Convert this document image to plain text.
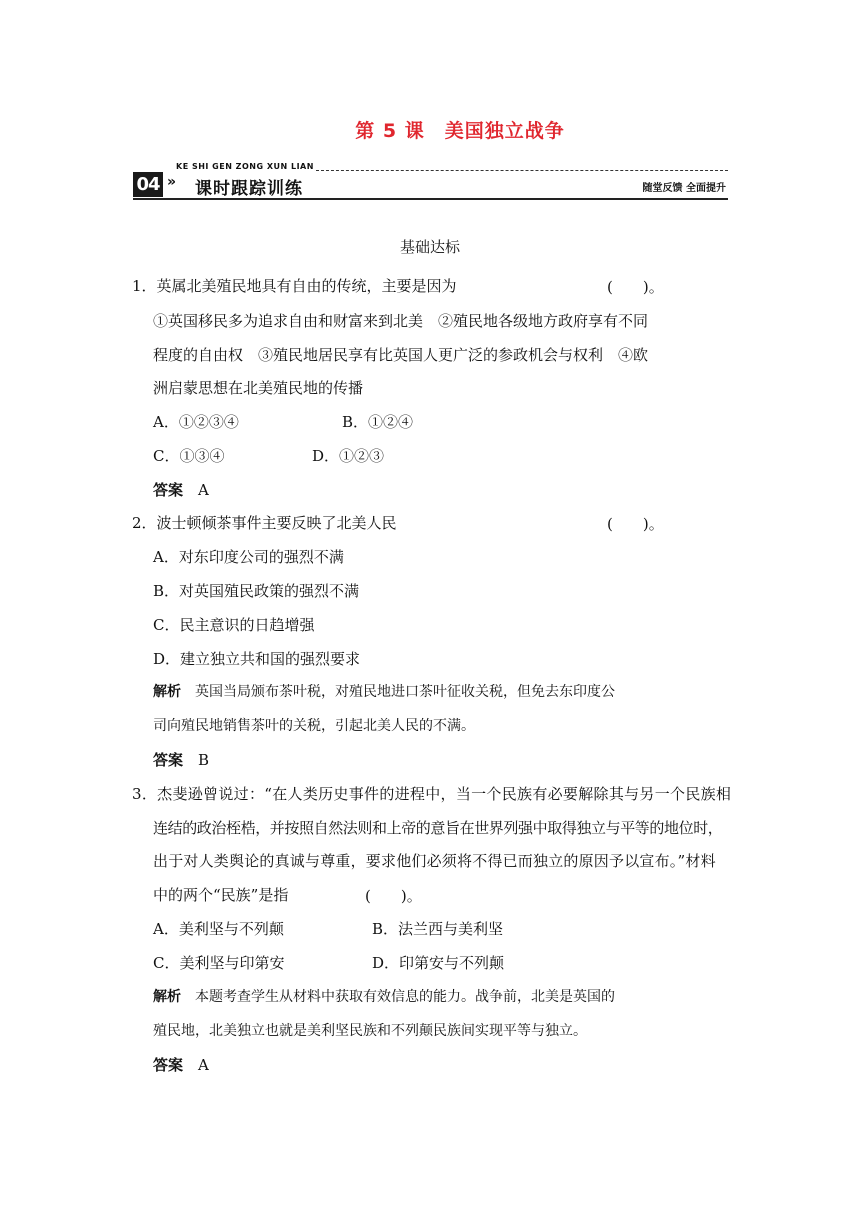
第 5 课　美国独立战争
KE SHI GEN ZONG XUN LIAN
04 » 课时跟踪训练	随堂反馈 全面提升
基础达标
1．英属北美殖民地具有自由的传统，主要是因为	(　　)。
①英国移民多为追求自由和财富来到北美　②殖民地各级地方政府享有不同
程度的自由权　③殖民地居民享有比英国人更广泛的参政机会与权利　④欧
洲启蒙思想在北美殖民地的传播
A．①②③④	B．①②④
C．①③④	D．①②③
答案　 A
2．波士顿倾茶事件主要反映了北美人民	(　　)。
A．对东印度公司的强烈不满
B．对英国殖民政策的强烈不满
C．民主意识的日趋增强
D．建立独立共和国的强烈要求
解析　 英国当局颁布茶叶税，对殖民地进口茶叶征收关税，但免去东印度公
司向殖民地销售茶叶的关税，引起北美人民的不满。
答案　 B
3．杰斐逊曾说过：“在人类历史事件的进程中，当一个民族有必要解除其与另一个民族相
连结的政治桎梏，并按照自然法则和上帝的意旨在世界列强中取得独立与平等的地位时，
出于对人类舆论的真诚与尊重，要求他们必须将不得已而独立的原因予以宣布。”材料
中的两个“民族”是指	(　　)。
A．美利坚与不列颠	B．法兰西与美利坚
C．美利坚与印第安	D．印第安与不列颠
解析　 本题考查学生从材料中获取有效信息的能力。战争前，北美是英国的
殖民地，北美独立也就是美利坚民族和不列颠民族间实现平等与独立。
答案　 A
